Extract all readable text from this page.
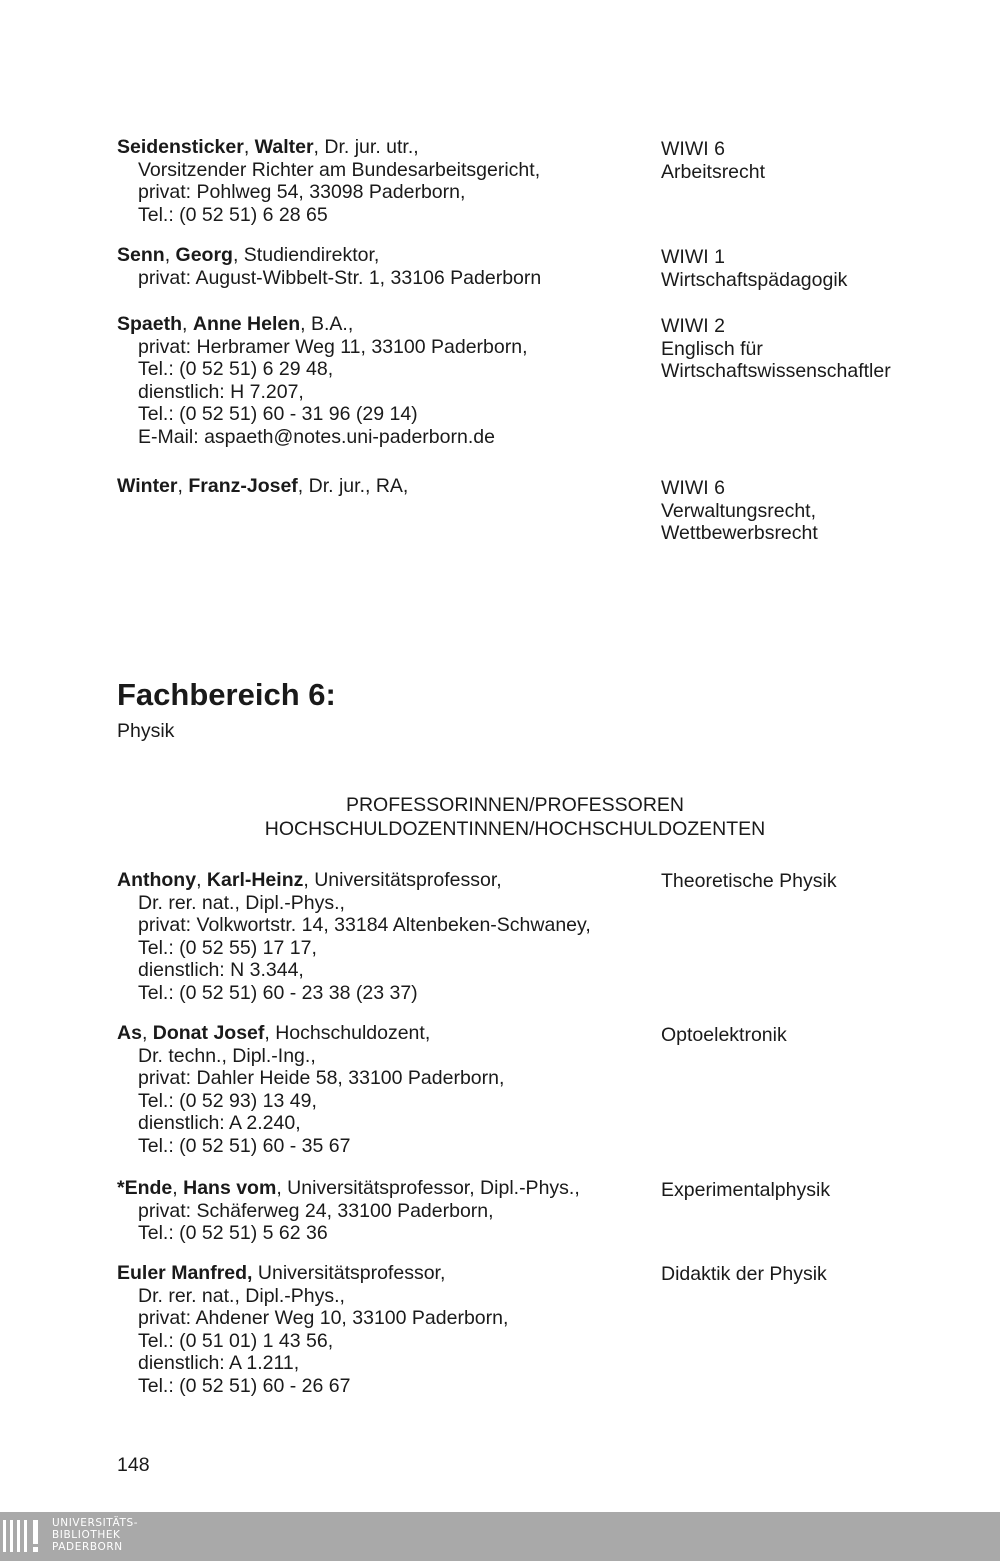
Seidensticker, Walter, Dr. jur. utr.,
Vorsitzender Richter am Bundesarbeitsgericht,
privat: Pohlweg 54, 33098 Paderborn,
Tel.: (0 52 51) 6 28 65
WIWI 6
Arbeitsrecht
Senn, Georg, Studiendirektor,
privat: August-Wibbelt-Str. 1, 33106 Paderborn
WIWI 1
Wirtschaftspädagogik
Spaeth, Anne Helen, B.A.,
privat: Herbramer Weg 11, 33100 Paderborn,
Tel.: (0 52 51) 6 29 48,
dienstlich: H 7.207,
Tel.: (0 52 51) 60 - 31 96 (29 14)
E-Mail: aspaeth@notes.uni-paderborn.de
WIWI 2
Englisch für
Wirtschaftswissenschaftler
Winter, Franz-Josef, Dr. jur., RA,	WIWI 6
Verwaltungsrecht,
Wettbewerbsrecht
Fachbereich 6:
Physik
PROFESSORINNEN/PROFESSOREN
HOCHSCHULDOZENTINNEN/HOCHSCHULDOZENTEN
Anthony, Karl-Heinz, Universitätsprofessor,
Dr. rer. nat., Dipl.-Phys.,
privat: Volkwortstr. 14, 33184 Altenbeken-Schwaney,
Tel.: (0 52 55) 17 17,
dienstlich: N 3.344,
Tel.: (0 52 51) 60 - 23 38 (23 37)
Theoretische Physik
As, Donat Josef, Hochschuldozent,
Dr. techn., Dipl.-Ing.,
privat: Dahler Heide 58, 33100 Paderborn,
Tel.: (0 52 93) 13 49,
dienstlich: A 2.240,
Tel.: (0 52 51) 60 - 35 67
Optoelektronik
*Ende, Hans vom, Universitätsprofessor, Dipl.-Phys.,
privat: Schäferweg 24, 33100 Paderborn,
Tel.: (0 52 51) 5 62 36
Experimentalphysik
Euler Manfred, Universitätsprofessor,
Dr. rer. nat., Dipl.-Phys.,
privat: Ahdener Weg 10, 33100 Paderborn,
Tel.: (0 51 01) 1 43 56,
dienstlich: A 1.211,
Tel.: (0 52 51) 60 - 26 67
Didaktik der Physik
148
UNIVERSITÄTS-
BIBLIOTHEK
PADERBORN
